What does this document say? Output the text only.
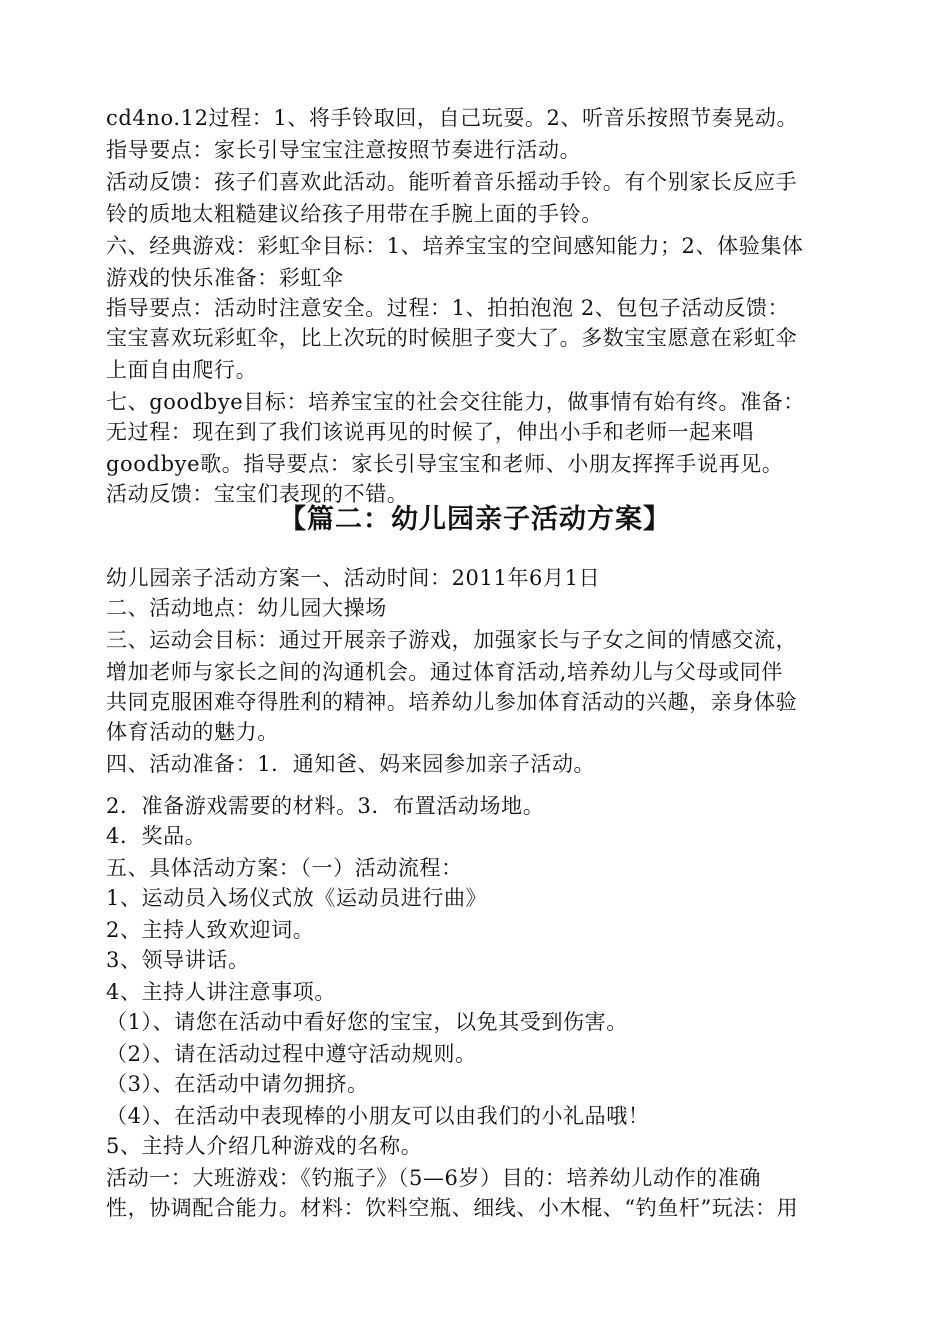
cd4no.12过程：1、将手铃取回，自己玩耍。2、听音乐按照节奏晃动。
指导要点：家长引导宝宝注意按照节奏进行活动。
活动反馈：孩子们喜欢此活动。能听着音乐摇动手铃。有个别家长反应手
铃的质地太粗糙建议给孩子用带在手腕上面的手铃。
六、经典游戏：彩虹伞目标：1、培养宝宝的空间感知能力；2、体验集体
游戏的快乐准备：彩虹伞
指导要点：活动时注意安全。过程：1、拍拍泡泡 2、包包子活动反馈：
宝宝喜欢玩彩虹伞，比上次玩的时候胆子变大了。多数宝宝愿意在彩虹伞
上面自由爬行。
七、goodbye目标：培养宝宝的社会交往能力，做事情有始有终。准备：
无过程：现在到了我们该说再见的时候了，伸出小手和老师一起来唱
goodbye歌。指导要点：家长引导宝宝和老师、小朋友挥挥手说再见。
活动反馈：宝宝们表现的不错。
【篇二：幼儿园亲子活动方案】
幼儿园亲子活动方案一、活动时间：2011年6月1日
二、活动地点：幼儿园大操场
三、运动会目标：通过开展亲子游戏，加强家长与子女之间的情感交流，
增加老师与家长之间的沟通机会。通过体育活动,培养幼儿与父母或同伴
共同克服困难夺得胜利的精神。培养幼儿参加体育活动的兴趣，亲身体验
体育活动的魅力。
四、活动准备：1．通知爸、妈来园参加亲子活动。
2．准备游戏需要的材料。3．布置活动场地。
4．奖品。
五、具体活动方案：（一）活动流程：
1、运动员入场仪式放《运动员进行曲》
2、主持人致欢迎词。
3、领导讲话。
4、主持人讲注意事项。
（1）、请您在活动中看好您的宝宝，以免其受到伤害。
（2）、请在活动过程中遵守活动规则。
（3）、在活动中请勿拥挤。
（4）、在活动中表现棒的小朋友可以由我们的小礼品哦！
5、主持人介绍几种游戏的名称。
活动一：大班游戏：《钓瓶子》（5—6岁）目的：培养幼儿动作的准确
性，协调配合能力。材料：饮料空瓶、细线、小木棍、“钓鱼杆”玩法：用
